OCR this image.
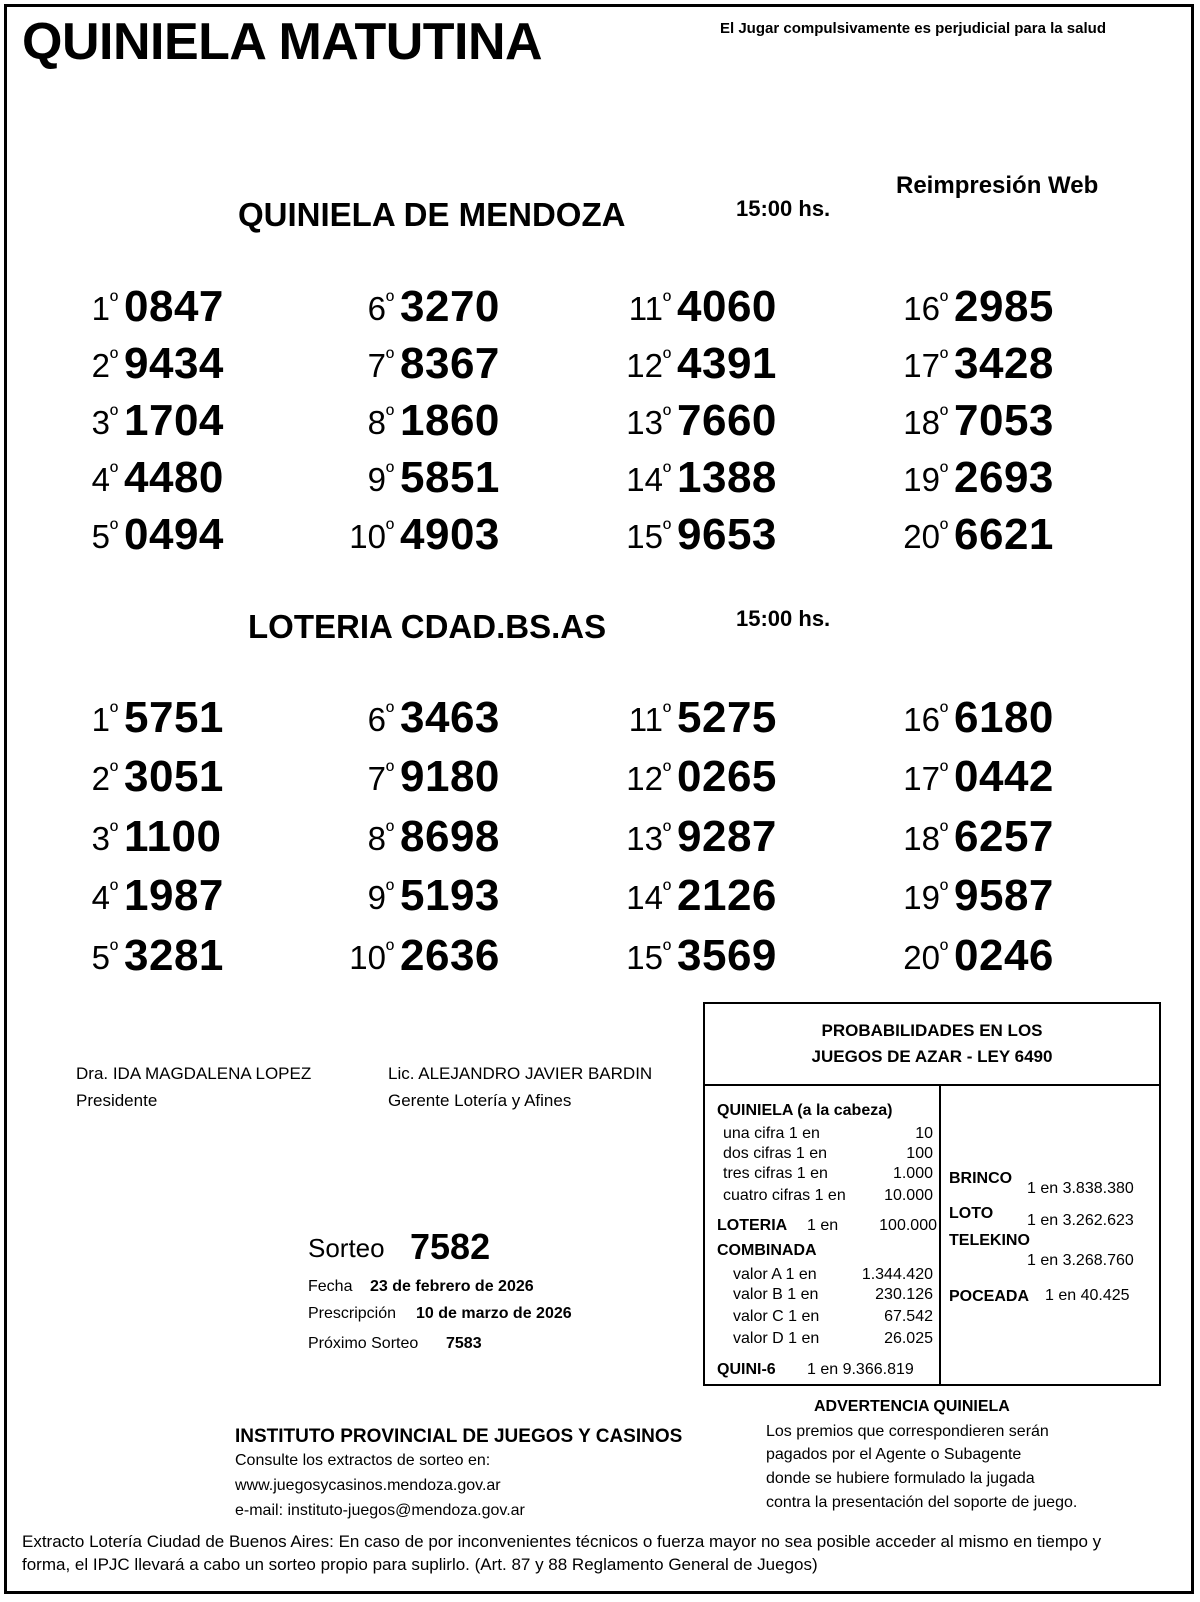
QUINIELA MATUTINA	El Jugar compulsivamente es perjudicial para la salud
Reimpresión Web
QUINIELA DE MENDOZA	15:00 hs.
$1^º$ 0847	$6^º$ 3270	$11^º$ 4060	$16^º$ 2985
$2^º$ 9434	$7^º$ 8367	$12^º$ 4391	$17^º$ 3428
$3^º$ 1704	$8^º$ 1860	$13^º$ 7660	$18^º$ 7053
$4^º$ 4480	$9^º$ 5851	$14^º$ 1388	$19^º$ 2693
$5^º$ 0494	$10^º$ 4903	$15^º$ 9653	$20^º$ 6621
LOTERIA CDAD.BS.AS	15:00 hs.
$1^º$ 5751	$6^º$ 3463	$11^º$ 5275	$16^º$ 6180
$2^º$ 3051	$7^º$ 9180	$12^º$ 0265	$17^º$ 0442
$3^º$ 1100	$8^º$ 8698	$13^º$ 9287	$18^º$ 6257
$4^º$ 1987	$9^º$ 5193	$14^º$ 2126	$19^º$ 9587
$5^º$ 3281	$10^º$ 2636	$15^º$ 3569	$20^º$ 0246
Dra. IDA MAGDALENA LOPEZ
Presidente
Lic. ALEJANDRO JAVIER BARDIN
Gerente Lotería y Afines
Sorteo 7582
Fecha 23 de febrero de 2026
Prescripción 10 de marzo de 2026
Próximo Sorteo 7583
PROBABILIDADES EN LOS
JUEGOS DE AZAR - LEY 6490
QUINIELA (a la cabeza)
una cifra 1 en	10
dos cifras 1 en	100
tres cifras 1 en	1.000
cuatro cifras 1 en	10.000
LOTERIA 1 en	100.000
COMBINADA
valor A 1 en	1.344.420
valor B 1 en	230.126
valor C 1 en	67.542
valor D 1 en	26.025
QUINI-6 1 en 9.366.819
BRINCO
1 en 3.838.380
LOTO 1 en 3.262.623
TELEKINO
1 en 3.268.760
POCEADA 1 en 40.425
ADVERTENCIA QUINIELA
Los premios que correspondieren serán
pagados por el Agente o Subagente
donde se hubiere formulado la jugada
contra la presentación del soporte de juego.
INSTITUTO PROVINCIAL DE JUEGOS Y CASINOS
Consulte los extractos de sorteo en:
www.juegosycasinos.mendoza.gov.ar
e-mail: instituto-juegos@mendoza.gov.ar
Extracto Lotería Ciudad de Buenos Aires: En caso de por inconvenientes técnicos o fuerza mayor no sea posible acceder al mismo en tiempo y
forma, el IPJC llevará a cabo un sorteo propio para suplirlo. (Art. 87 y 88 Reglamento General de Juegos)
